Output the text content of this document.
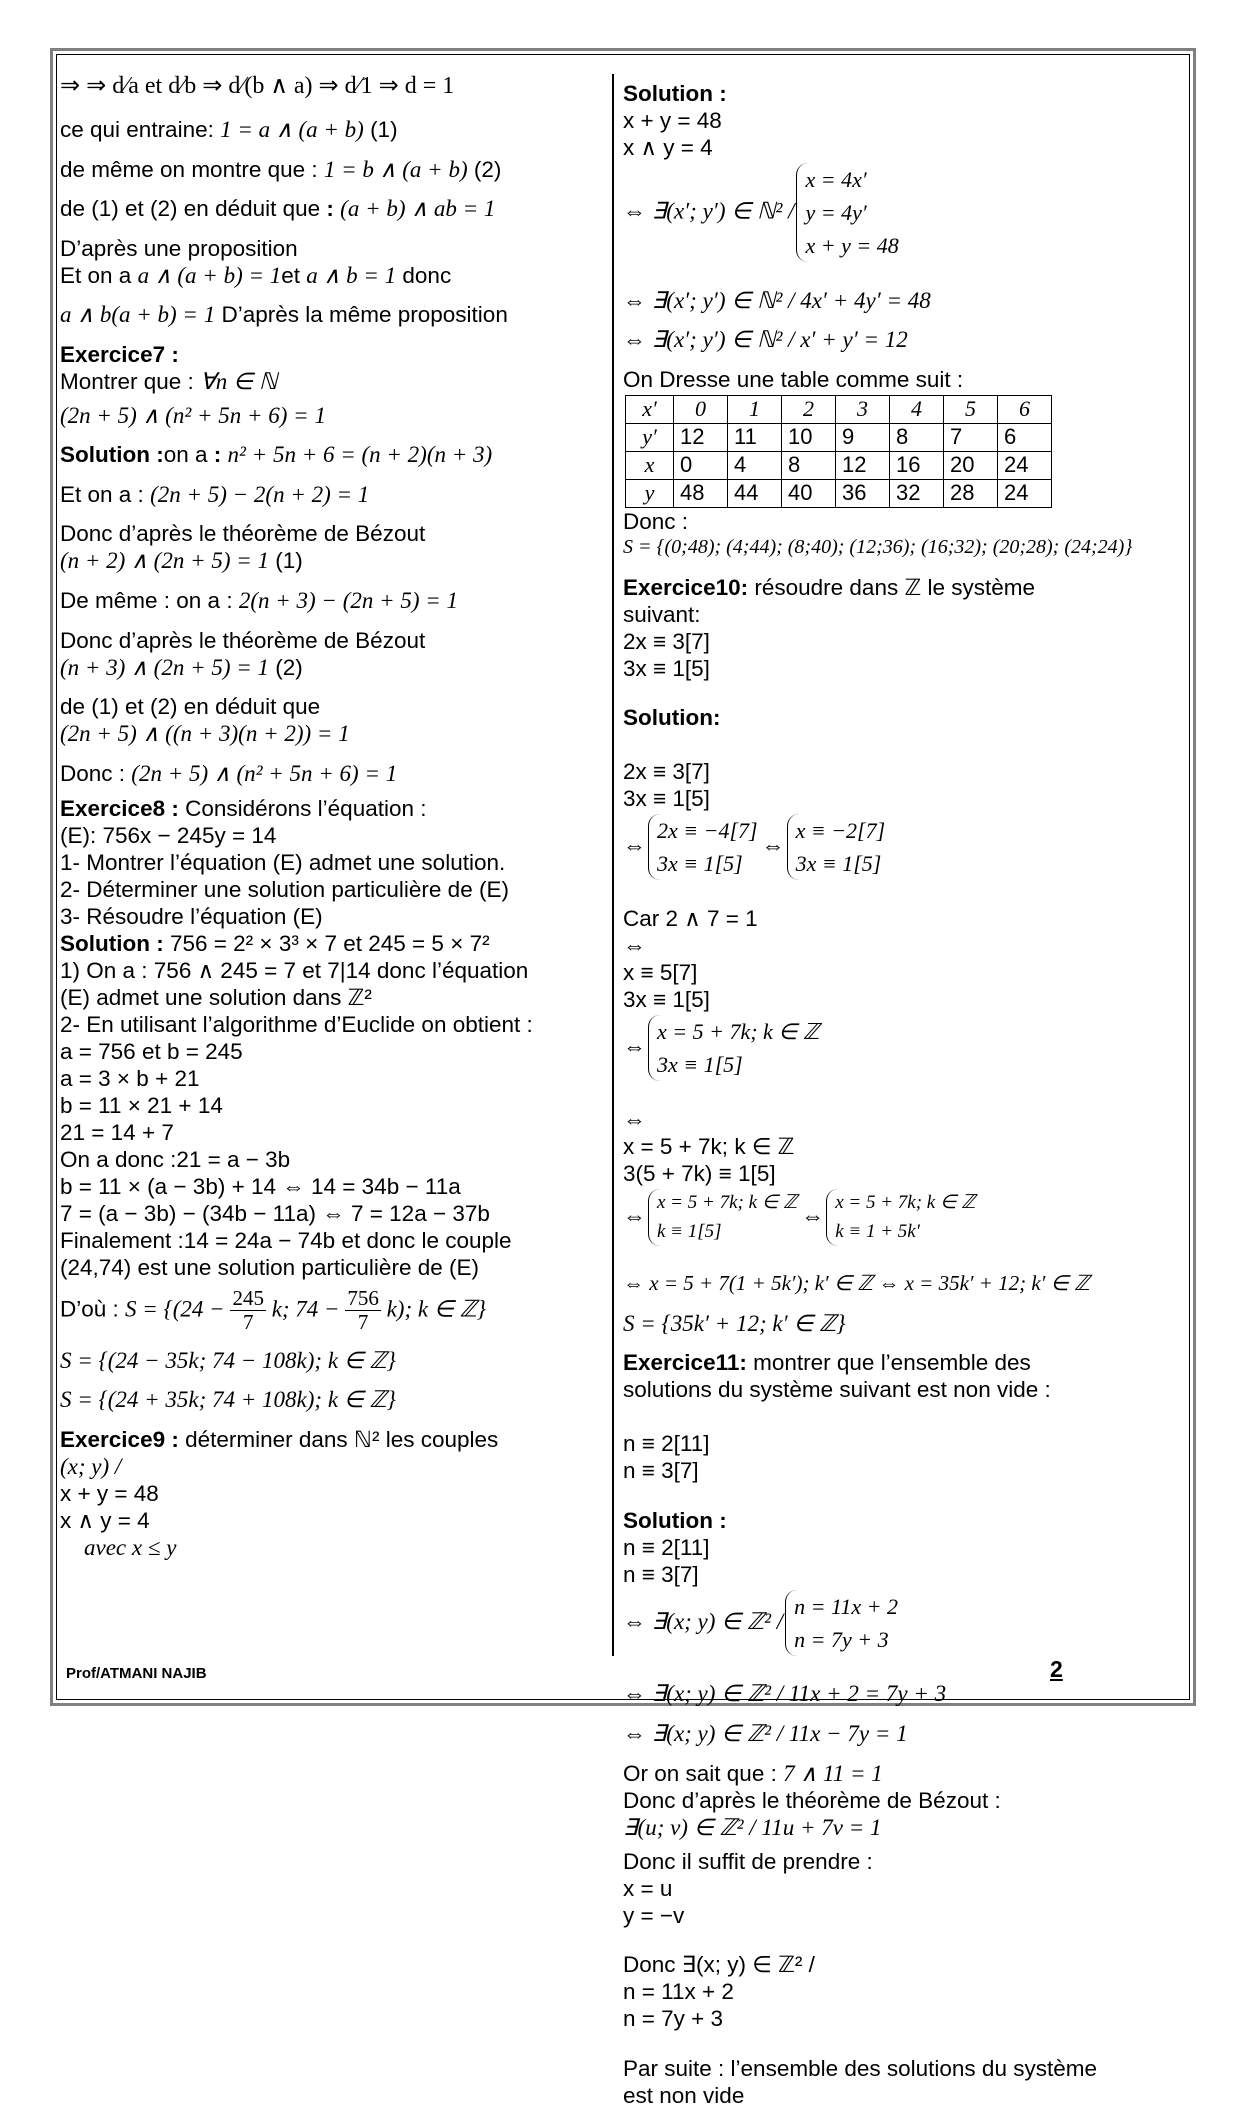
⇒ ⇒ d⁄a et d⁄b ⇒ d⁄(b ∧ a) ⇒ d⁄1 ⇒ d = 1

ce qui entraine: 1 = a ∧ (a + b) (1)

de même on montre que : 1 = b ∧ (a + b) (2)

de (1) et (2) en déduit que : (a + b) ∧ ab = 1

D’après une proposition

Et on a a ∧ (a + b) = 1et a ∧ b = 1 donc

a ∧ b(a + b) = 1 D’après la même proposition

Exercice7 :

Montrer que : ∀n ∈ ℕ

(2n + 5) ∧ (n² + 5n + 6) = 1

Solution :on a : n² + 5n + 6 = (n + 2)(n + 3)

Et on a : (2n + 5) − 2(n + 2) = 1

Donc d’après le théorème de Bézout

(n + 2) ∧ (2n + 5) = 1 (1)

De même : on a : 2(n + 3) − (2n + 5) = 1

Donc d’après le théorème de Bézout

(n + 3) ∧ (2n + 5) = 1 (2)

de (1) et (2) en déduit que

(2n + 5) ∧ ((n + 3)(n + 2)) = 1

Donc : (2n + 5) ∧ (n² + 5n + 6) = 1

Exercice8 : Considérons l’équation :

(E): 756x − 245y = 14

1- Montrer l’équation (E) admet une solution.

2- Déterminer une solution particulière de (E)

3- Résoudre l’équation (E)

Solution : 756 = 2² × 3³ × 7 et 245 = 5 × 7²

1) On a : 756 ∧ 245 = 7 et 7|14 donc l’équation

(E) admet une solution dans ℤ²

2- En utilisant l’algorithme d’Euclide on obtient :

a = 756 et b = 245

a = 3 × b + 21

b = 11 × 21 + 14

21 = 14 + 7

On a donc :21 = a − 3b

b = 11 × (a − 3b) + 14 ⇔ 14 = 34b − 11a

7 = (a − 3b) − (34b − 11a) ⇔ 7 = 12a − 37b

Finalement :14 = 24a − 74b et donc le couple

(24,74) est une solution particulière de (E)

D’où : $S = \{(24 - \frac{245}{7} k$; $74 - \frac{756}{7} k$); k ∈ ℤ}

S = {(24 − 35k; 74 − 108k); k ∈ ℤ}

S = {(24 + 35k; 74 + 108k); k ∈ ℤ}

Exercice9 : déterminer dans ℕ² les couples

(x; y) /

x + y = 48
x ∧ y = 4
avec x ≤ y

Solution :

x + y = 48
x ∧ y = 4
⇔ ∃(x′; y′) ∈ ℕ² /
x = 4x′
y = 4y′
x + y = 48

⇔ ∃(x′; y′) ∈ ℕ² / 4x′ + 4y′ = 48

⇔ ∃(x′; y′) ∈ ℕ² / x′ + y′ = 12

On Dresse une table comme suit :

x′	0	1	2	3	4	5	6
y′	12	11	10	9	8	7	6
x	0	4	8	12	16	20	24
y	48	44	40	36	32	28	24

Donc :

S = {(0;48); (4;44); (8;40); (12;36); (16;32); (20;28); (24;24)}

Exercice10: résoudre dans ℤ le système

suivant:

2x ≡ 3[7]
3x ≡ 1[5]

Solution:

2x ≡ 3[7]
3x ≡ 1[5]
⇔
2x ≡ −4[7]
3x ≡ 1[5]
⇔
x ≡ −2[7]
3x ≡ 1[5]

Car 2 ∧ 7 = 1

⇔

x ≡ 5[7]
3x ≡ 1[5]
⇔
x = 5 + 7k; k ∈ ℤ
3x ≡ 1[5]

⇔

x = 5 + 7k; k ∈ ℤ
3(5 + 7k) ≡ 1[5]
⇔
x = 5 + 7k; k ∈ ℤ
k ≡ 1[5]
⇔
x = 5 + 7k; k ∈ ℤ
k ≡ 1 + 5k′

⇔ x = 5 + 7(1 + 5k′); k′ ∈ ℤ ⇔ x = 35k′ + 12; k′ ∈ ℤ

S = {35k′ + 12; k′ ∈ ℤ}

Exercice11: montrer que l’ensemble des

solutions du système suivant est non vide :

n ≡ 2[11]
n ≡ 3[7]

Solution :

n ≡ 2[11]
n ≡ 3[7]
⇔ ∃(x; y) ∈ ℤ² /
n = 11x + 2
n = 7y + 3

⇔ ∃(x; y) ∈ ℤ² / 11x + 2 = 7y + 3

⇔ ∃(x; y) ∈ ℤ² / 11x − 7y = 1

Or on sait que : 7 ∧ 11 = 1

Donc d’après le théorème de Bézout :

∃(u; v) ∈ ℤ² / 11u + 7v = 1

Donc il suffit de prendre :

x = u
y = −v

Donc ∃(x; y) ∈ ℤ² /

n = 11x + 2
n = 7y + 3

Par suite : l’ensemble des solutions du système

est non vide

Prof/ATMANI NAJIB	2
